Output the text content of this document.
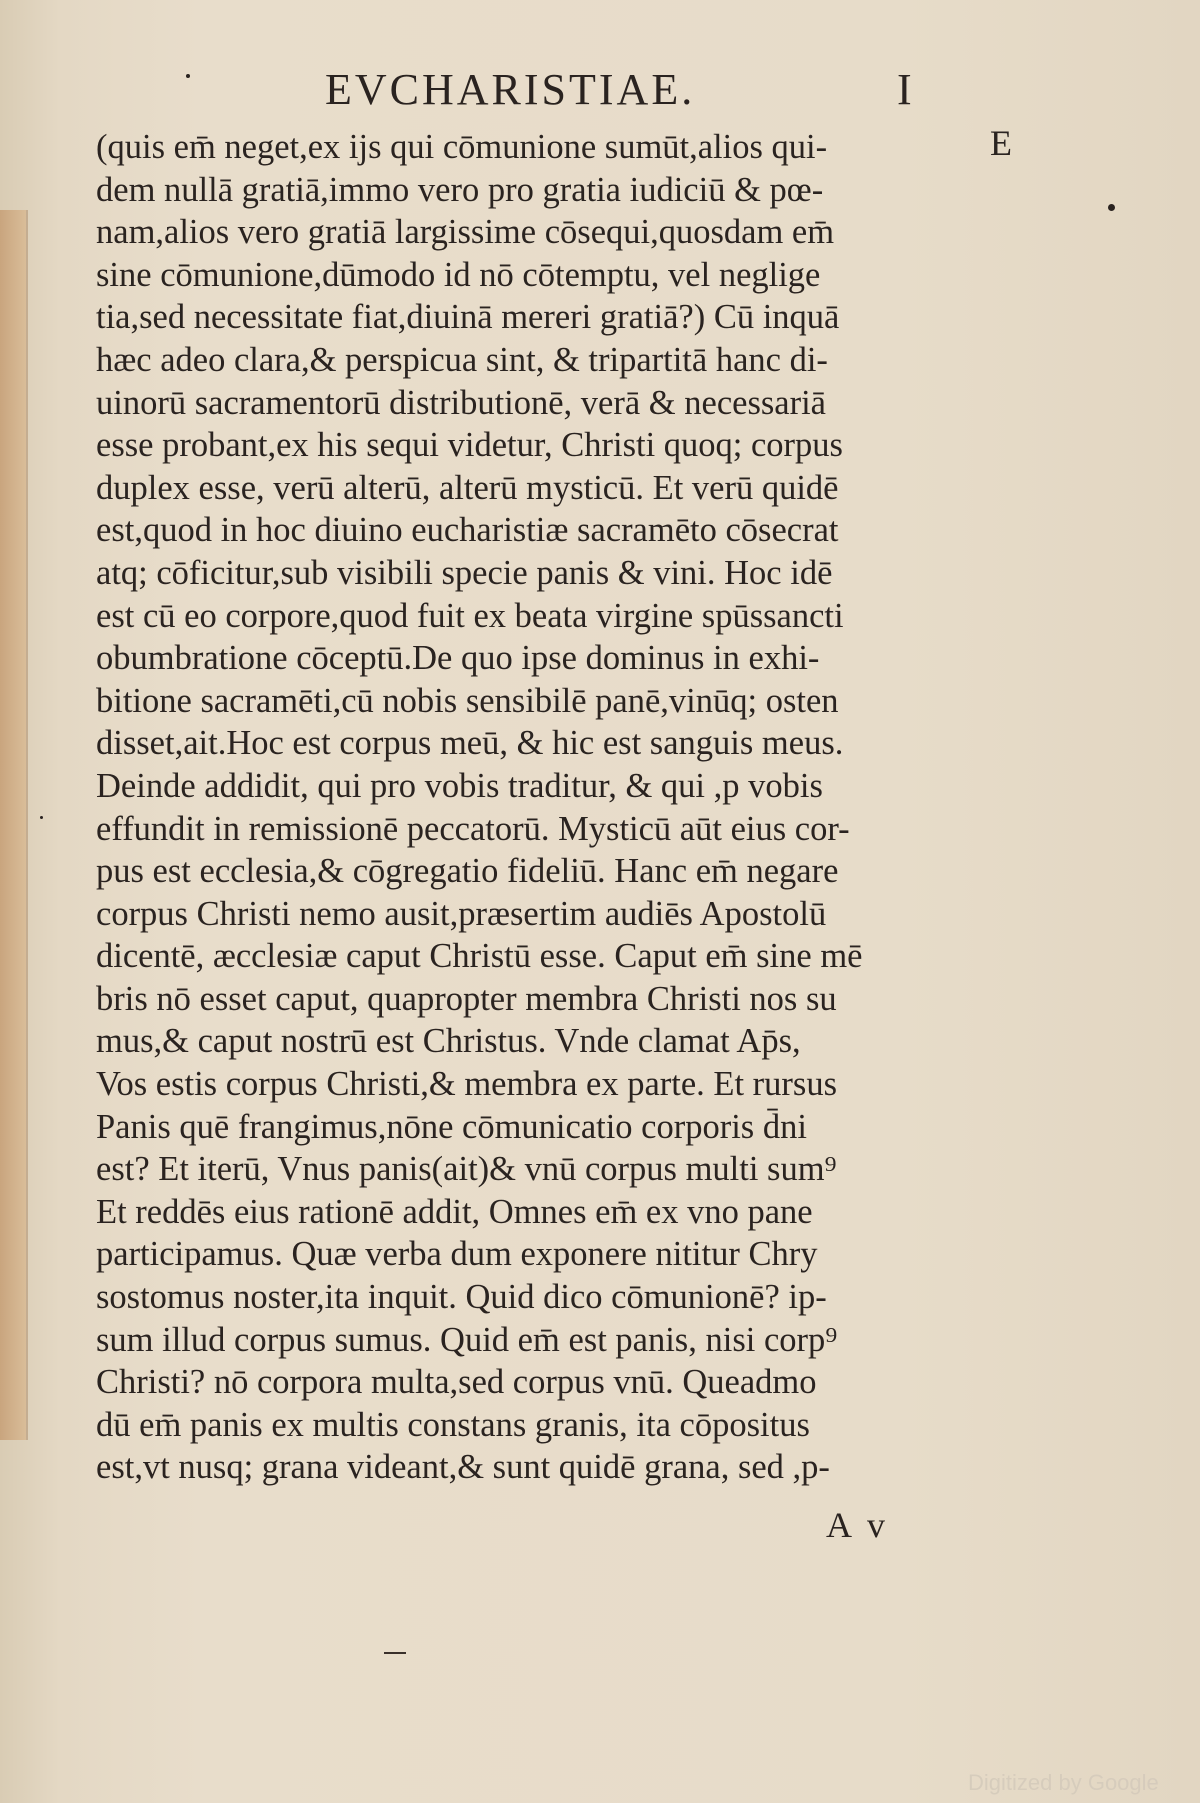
EVCHARISTIAE.	I
E
(quis em̄ neget,ex ijs qui cōmunione sumūt,alios qui-
dem nullā gratiā,immo vero pro gratia iudiciū & pœ-
nam,alios vero gratiā largissime cōsequi,quosdam em̄
sine cōmunione,dūmodo id nō cōtemptu, vel neglige
tia,sed necessitate fiat,diuinā mereri gratiā?) Cū inquā
hæc adeo clara,& perspicua sint, & tripartitā hanc di-
uinorū sacramentorū distributionē, verā & necessariā
esse probant,ex his sequi videtur, Christi quoq; corpus
duplex esse, verū alterū, alterū mysticū. Et verū quidē
est,quod in hoc diuino eucharistiæ sacramēto cōsecrat
atq; cōficitur,sub visibili specie panis & vini. Hoc idē
est cū eo corpore,quod fuit ex beata virgine spūssancti
obumbratione cōceptū.De quo ipse dominus in exhi-
bitione sacramēti,cū nobis sensibilē panē,vinūq; osten
disset,ait.Hoc est corpus meū, & hic est sanguis meus.
Deinde addidit, qui pro vobis traditur, & qui ,p vobis
effundit in remissionē peccatorū. Mysticū aūt eius cor-
pus est ecclesia,& cōgregatio fideliū. Hanc em̄ negare
corpus Christi nemo ausit,præsertim audiēs Apostolū
dicentē, æcclesiæ caput Christū esse. Caput em̄ sine mē
bris nō esset caput, quapropter membra Christi nos su
mus,& caput nostrū est Christus. Vnde clamat Ap̄s,
Vos estis corpus Christi,& membra ex parte. Et rursus
Panis quē frangimus,nōne cōmunicatio corporis d̄ni
est? Et iterū, Vnus panis(ait)& vnū corpus multi sum⁹
Et reddēs eius rationē addit, Omnes em̄ ex vno pane
participamus. Quæ verba dum exponere nititur Chry
sostomus noster,ita inquit. Quid dico cōmunionē? ip-
sum illud corpus sumus. Quid em̄ est panis, nisi corp⁹
Christi? nō corpora multa,sed corpus vnū. Queadmo
dū em̄ panis ex multis constans granis, ita cōpositus
est,vt nusq; grana videant,& sunt quidē grana, sed ,p-
A v
Digitized by Google
